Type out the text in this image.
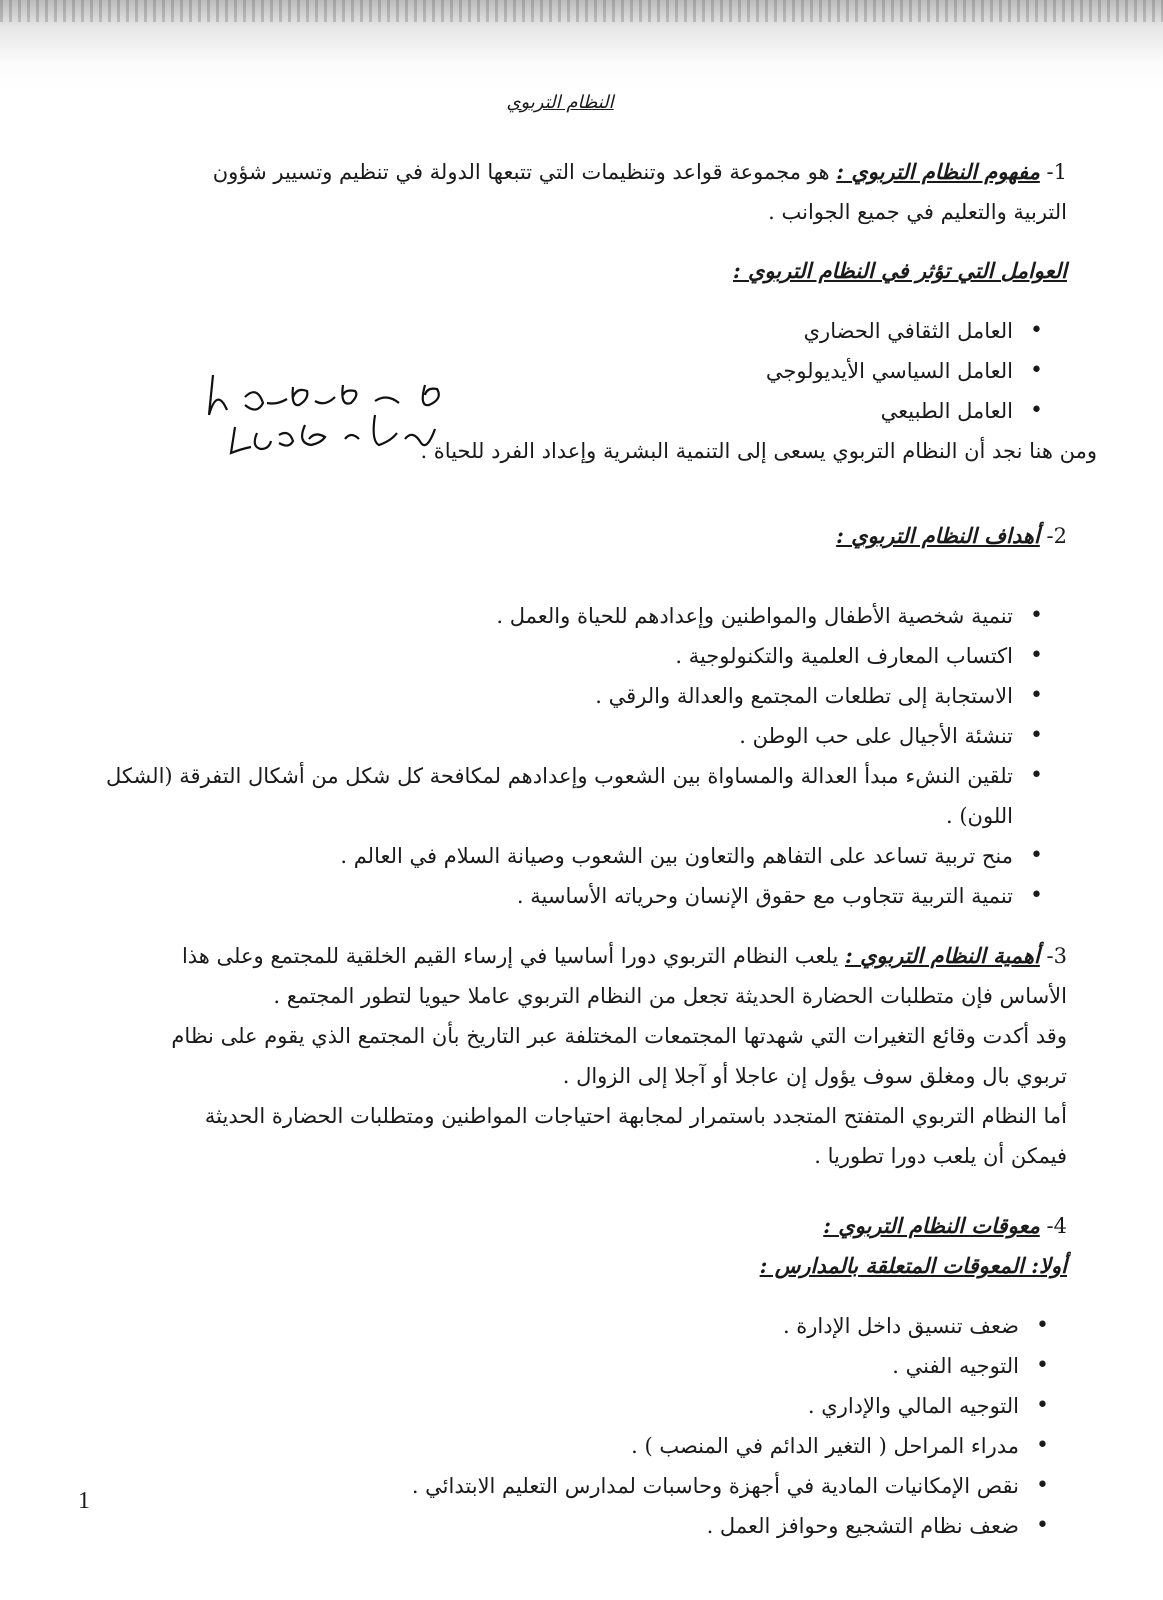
النظام التربوي
1- مفهوم النظام التربوي : هو مجموعة قواعد وتنظيمات التي تتبعها الدولة في تنظيم وتسيير شؤون
التربية والتعليم في جميع الجوانب .
العوامل التي تؤثر في النظام التربوي :
• العامل الثقافي الحضاري
• العامل السياسي الأيديولوجي
• العامل الطبيعي
ومن هنا نجد أن النظام التربوي يسعى إلى التنمية البشرية وإعداد الفرد للحياة .
2- أهداف النظام التربوي :
• تنمية شخصية الأطفال والمواطنين وإعدادهم للحياة والعمل .
• اكتساب المعارف العلمية والتكنولوجية .
• الاستجابة إلى تطلعات المجتمع والعدالة والرقي .
• تنشئة الأجيال على حب الوطن .
• تلقين النشء مبدأ العدالة والمساواة بين الشعوب وإعدادهم لمكافحة كل شكل من أشكال التفرقة (الشكل اللون) .
• منح تربية تساعد على التفاهم والتعاون بين الشعوب وصيانة السلام في العالم .
• تنمية التربية تتجاوب مع حقوق الإنسان وحرياته الأساسية .
3- أهمية النظام التربوي : يلعب النظام التربوي دورا أساسيا في إرساء القيم الخلقية للمجتمع وعلى هذا
الأساس فإن متطلبات الحضارة الحديثة تجعل من النظام التربوي عاملا حيويا لتطور المجتمع .
وقد أكدت وقائع التغيرات التي شهدتها المجتمعات المختلفة عبر التاريخ بأن المجتمع الذي يقوم على نظام
تربوي بال ومغلق سوف يؤول إن عاجلا أو آجلا إلى الزوال .
أما النظام التربوي المتفتح المتجدد باستمرار لمجابهة احتياجات المواطنين ومتطلبات الحضارة الحديثة
فيمكن أن يلعب دورا تطوريا .
4- معوقات النظام التربوي :
أولا: المعوقات المتعلقة بالمدارس :
• ضعف تنسيق داخل الإدارة .
• التوجيه الفني .
• التوجيه المالي والإداري .
• مدراء المراحل ( التغير الدائم في المنصب ) .
• نقص الإمكانيات المادية في أجهزة وحاسبات لمدارس التعليم الابتدائي .
• ضعف نظام التشجيع وحوافز العمل .
1
